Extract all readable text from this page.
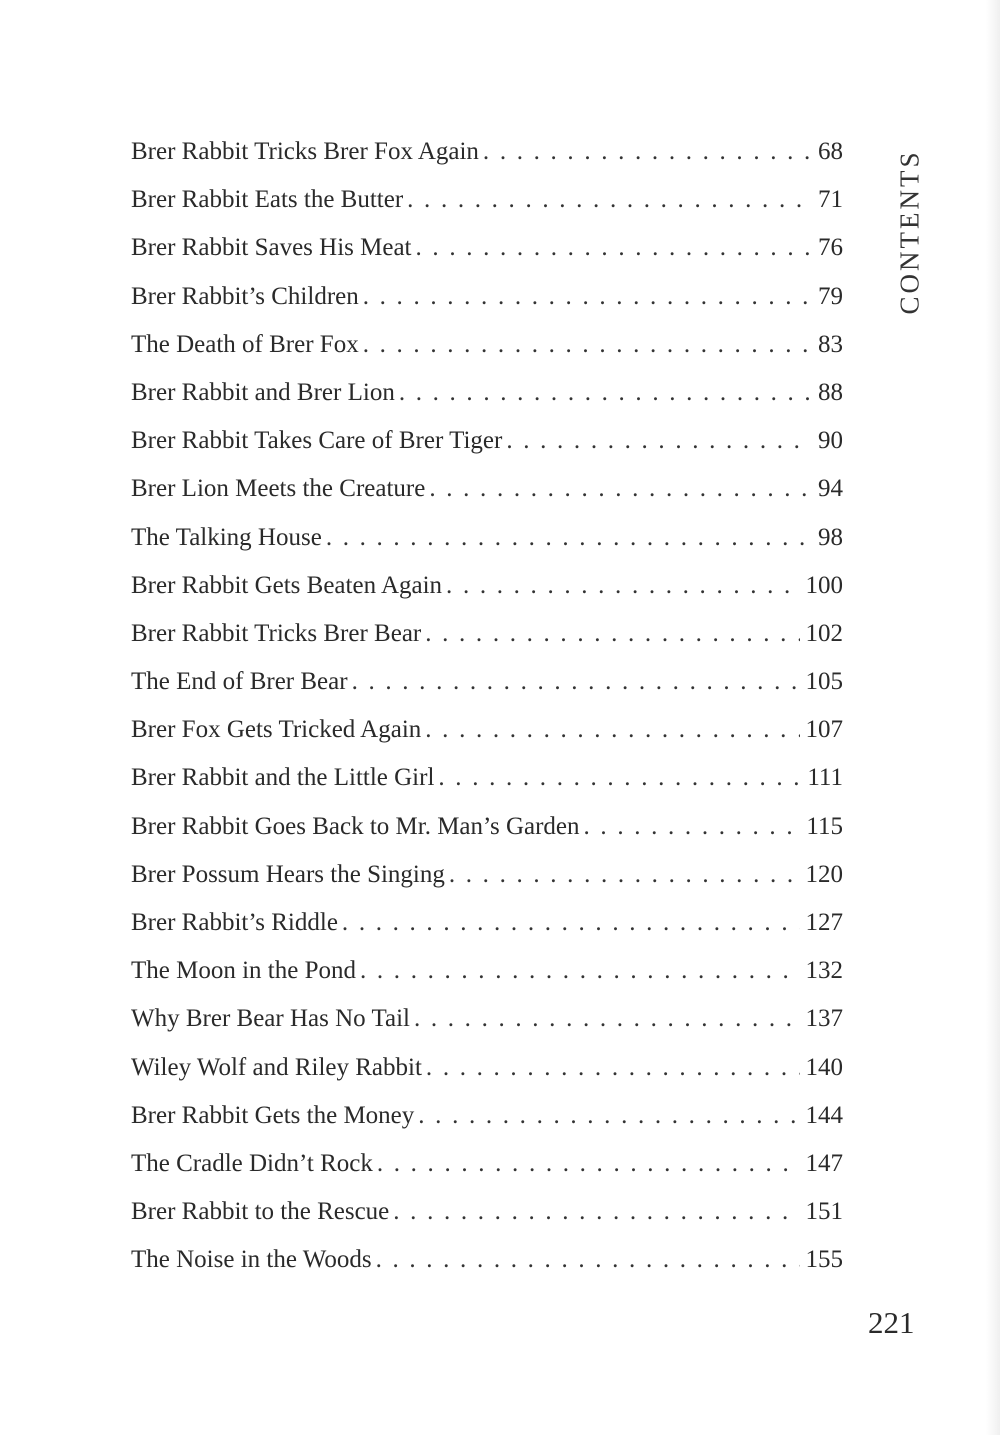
CONTENTS
Brer Rabbit Tricks Brer Fox Again . . .	68
Brer Rabbit Eats the Butter . . .	71
Brer Rabbit Saves His Meat . . .	76
Brer Rabbit’s Children . . .	79
The Death of Brer Fox . . .	83
Brer Rabbit and Brer Lion . . .	88
Brer Rabbit Takes Care of Brer Tiger . . .	90
Brer Lion Meets the Creature . . .	94
The Talking House . . .	98
Brer Rabbit Gets Beaten Again . . .	100
Brer Rabbit Tricks Brer Bear . . .	102
The End of Brer Bear . . .	105
Brer Fox Gets Tricked Again . . .	107
Brer Rabbit and the Little Girl . . .	111
Brer Rabbit Goes Back to Mr. Man’s Garden . . .	115
Brer Possum Hears the Singing . . .	120
Brer Rabbit’s Riddle . . .	127
The Moon in the Pond . . .	132
Why Brer Bear Has No Tail . . .	137
Wiley Wolf and Riley Rabbit . . .	140
Brer Rabbit Gets the Money . . .	144
The Cradle Didn’t Rock . . .	147
Brer Rabbit to the Rescue . . .	151
The Noise in the Woods . . .	155
221
